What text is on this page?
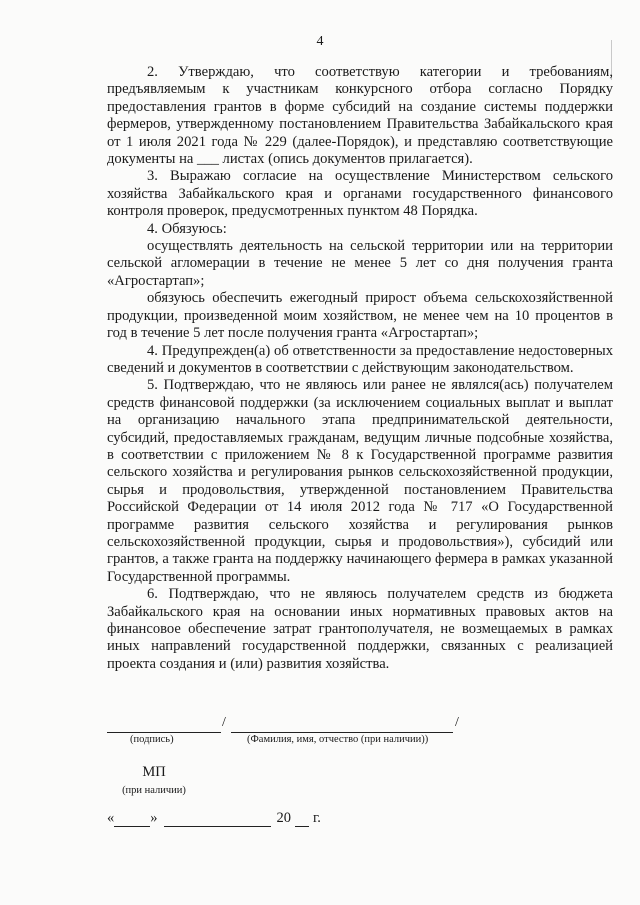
4

2. Утверждаю, что соответствую категории и требованиям, предъявляемым к участникам конкурсного отбора согласно Порядку предоставления грантов в форме субсидий на создание системы поддержки фермеров, утвержденному постановлением Правительства Забайкальского края от 1 июля 2021 года № 229 (далее-Порядок), и представляю соответствующие документы на ___ листах (опись документов прилагается).

3. Выражаю согласие на осуществление Министерством сельского хозяйства Забайкальского края и органами государственного финансового контроля проверок, предусмотренных пунктом 48 Порядка.

4. Обязуюсь:

осуществлять деятельность на сельской территории или на территории сельской агломерации в течение не менее 5 лет со дня получения гранта «Агростартап»;

обязуюсь обеспечить ежегодный прирост объема сельскохозяйственной продукции, произведенной моим хозяйством, не менее чем на 10 процентов в год в течение 5 лет после получения гранта «Агростартап»;

4. Предупрежден(а) об ответственности за предоставление недостоверных сведений и документов в соответствии с действующим законодательством.

5. Подтверждаю, что не являюсь или ранее не являлся(ась) получателем средств финансовой поддержки (за исключением социальных выплат и выплат на организацию начального этапа предпринимательской деятельности, субсидий, предоставляемых гражданам, ведущим личные подсобные хозяйства, в соответствии с приложением № 8 к Государственной программе развития сельского хозяйства и регулирования рынков сельскохозяйственной продукции, сырья и продовольствия, утвержденной постановлением Правительства Российской Федерации от 14 июля 2012 года № 717 «О Государственной программе развития сельского хозяйства и регулирования рынков сельскохозяйственной продукции, сырья и продовольствия»), субсидий или грантов, а также гранта на поддержку начинающего фермера в рамках указанной Государственной программы.

6. Подтверждаю, что не являюсь получателем средств из бюджета Забайкальского края на основании иных нормативных правовых актов на финансовое обеспечение затрат грантополучателя, не возмещаемых в рамках иных направлений государственной поддержки, связанных с реализацией проекта создания и (или) развития хозяйства.

/	/
(подпись)	(Фамилия, имя, отчество (при наличии))
МП
(при наличии)
« »	20 г.
